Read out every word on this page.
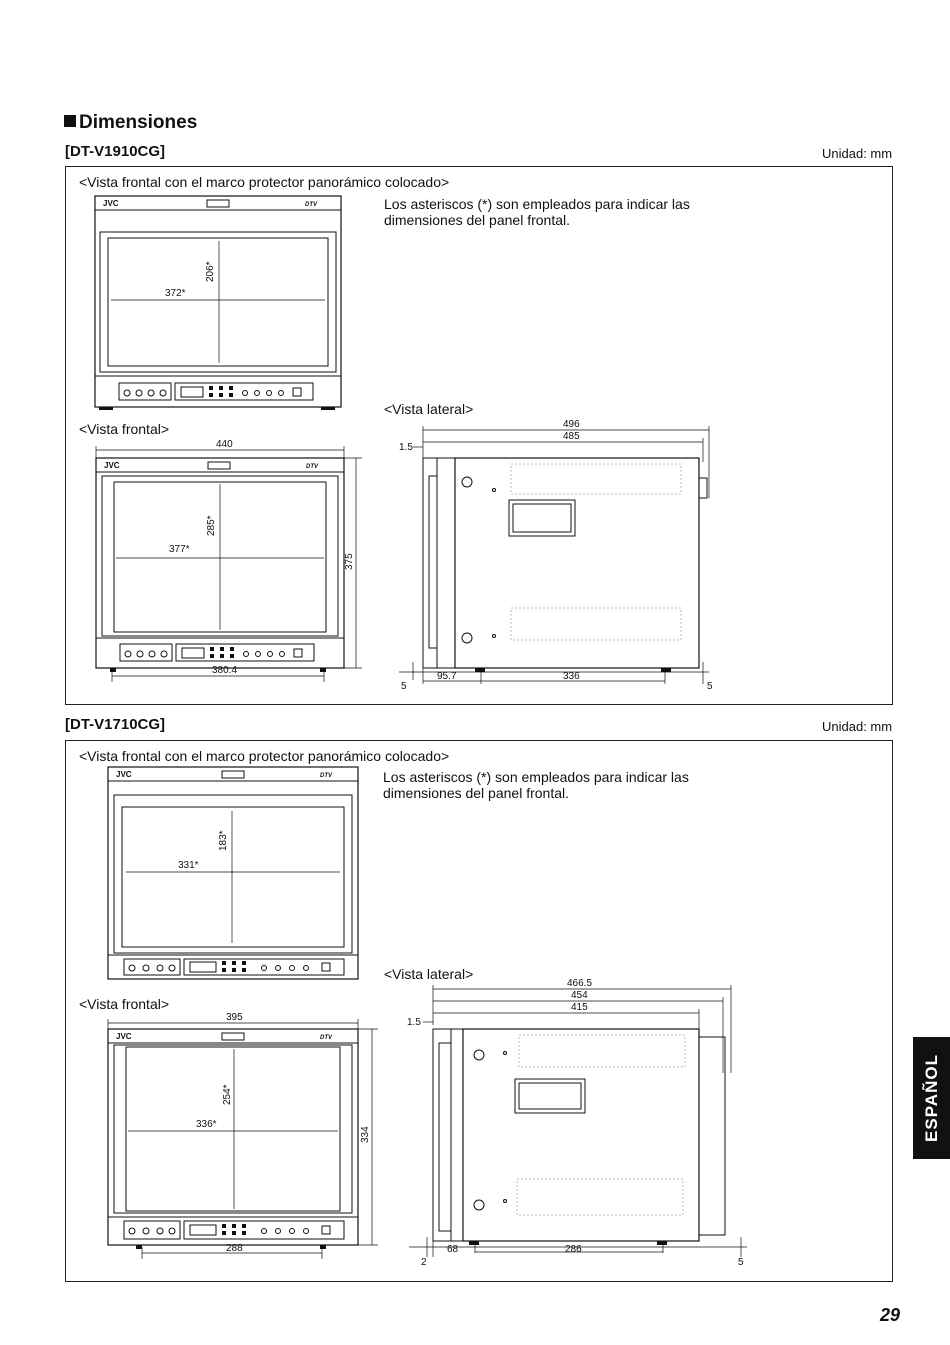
Dimensiones
[DT-V1910CG]	Unidad: mm
<Vista frontal con el marco protector panorámico colocado>
Los asteriscos (*) son empleados para indicar las dimensiones del panel frontal.
<Vista lateral>
<Vista frontal>
JVC	DTV
372*
206*
440
JVC	DTV
377*
285*
375
380.4
496
485
1.5
5
95.7	336
5
[DT-V1710CG]	Unidad: mm
<Vista frontal con el marco protector panorámico colocado>
Los asteriscos (*) son empleados para indicar las dimensiones del panel frontal.
<Vista lateral>
<Vista frontal>
JVC	DTV
331*
183*
395
JVC	DTV
336*
254*
334
288
466.5
454
415
1.5
2
68	286
5
ESPAÑOL
29
